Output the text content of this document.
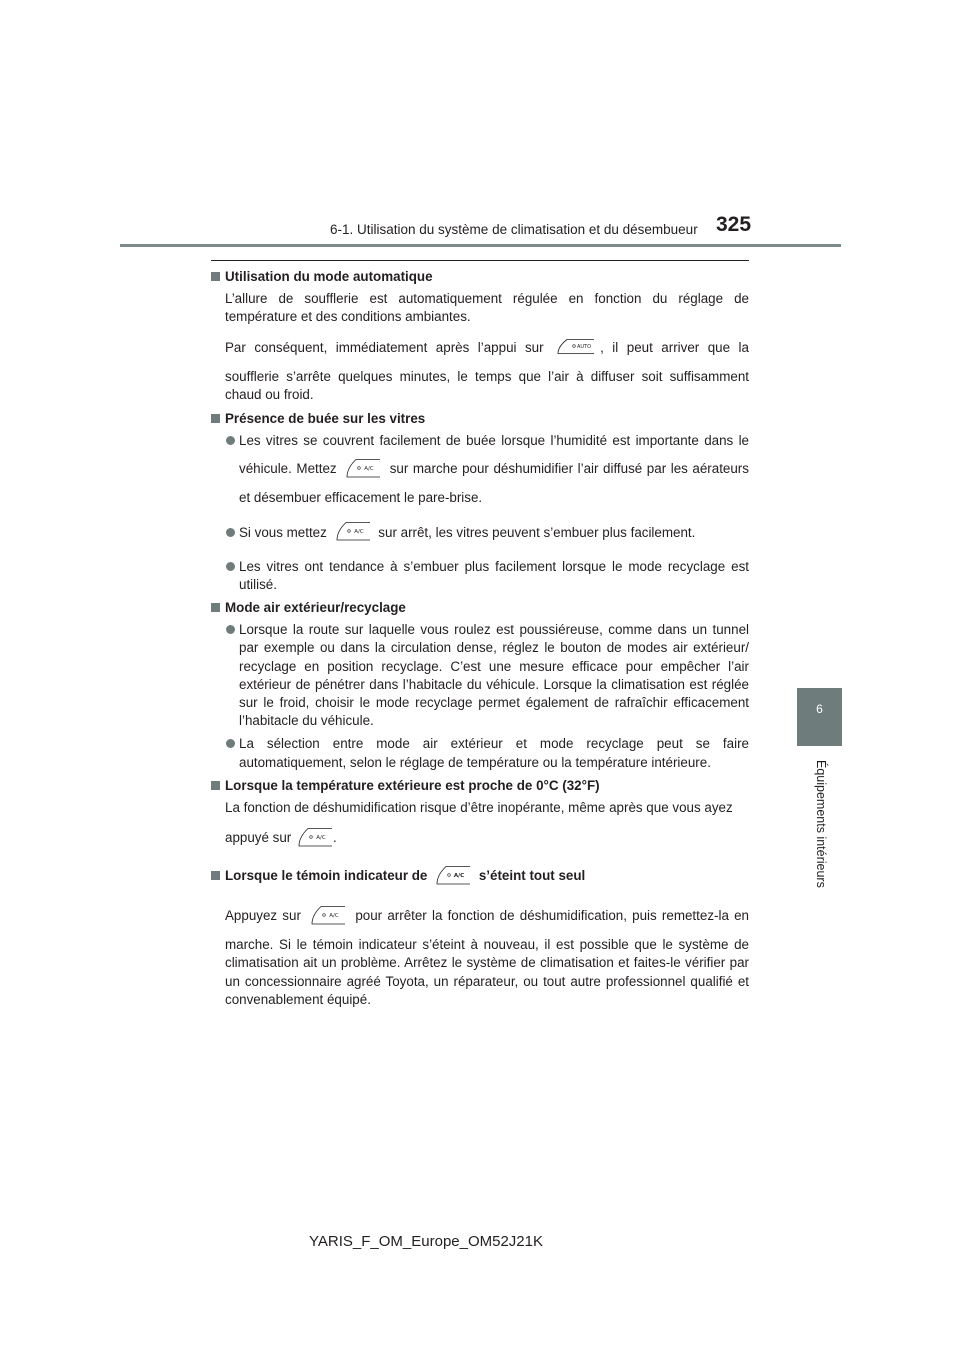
6-1. Utilisation du système de climatisation et du désembueur 325
6
Équipements intérieurs
Utilisation du mode automatique
L’allure de soufflerie est automatiquement régulée en fonction du réglage de température et des conditions ambiantes.
Par conséquent, immédiatement après l’appui sur	AUTO , il peut arriver que la
soufflerie s’arrête quelques minutes, le temps que l’air à diffuser soit suffisamment chaud ou froid.
Présence de buée sur les vitres
Les vitres se couvrent facilement de buée lorsque l’humidité est importante dans le
véhicule. Mettez	A/C sur marche pour déshumidifier l’air diffusé par les aérateurs
et désembuer efficacement le pare-brise.
Si vous mettez	A/C sur arrêt, les vitres peuvent s’embuer plus facilement.
Les vitres ont tendance à s’embuer plus facilement lorsque le mode recyclage est utilisé.
Mode air extérieur/recyclage
Lorsque la route sur laquelle vous roulez est poussiéreuse, comme dans un tunnel par exemple ou dans la circulation dense, réglez le bouton de modes air extérieur/ recyclage en position recyclage. C’est une mesure efficace pour empêcher l’air extérieur de pénétrer dans l’habitacle du véhicule. Lorsque la climatisation est réglée sur le froid, choisir le mode recyclage permet également de rafraîchir efficacement l’habitacle du véhicule.
La sélection entre mode air extérieur et mode recyclage peut se faire automatiquement, selon le réglage de température ou la température intérieure.
Lorsque la température extérieure est proche de 0°C (32°F)
La fonction de déshumidification risque d’être inopérante, même après que vous ayez
appuyé sur	A/C .
Lorsque le témoin indicateur de	A/C s’éteint tout seul
Appuyez sur	A/C pour arrêter la fonction de déshumidification, puis remettez-la en
marche. Si le témoin indicateur s’éteint à nouveau, il est possible que le système de climatisation ait un problème. Arrêtez le système de climatisation et faites-le vérifier par un concessionnaire agréé Toyota, un réparateur, ou tout autre professionnel qualifié et convenablement équipé.
YARIS_F_OM_Europe_OM52J21K
